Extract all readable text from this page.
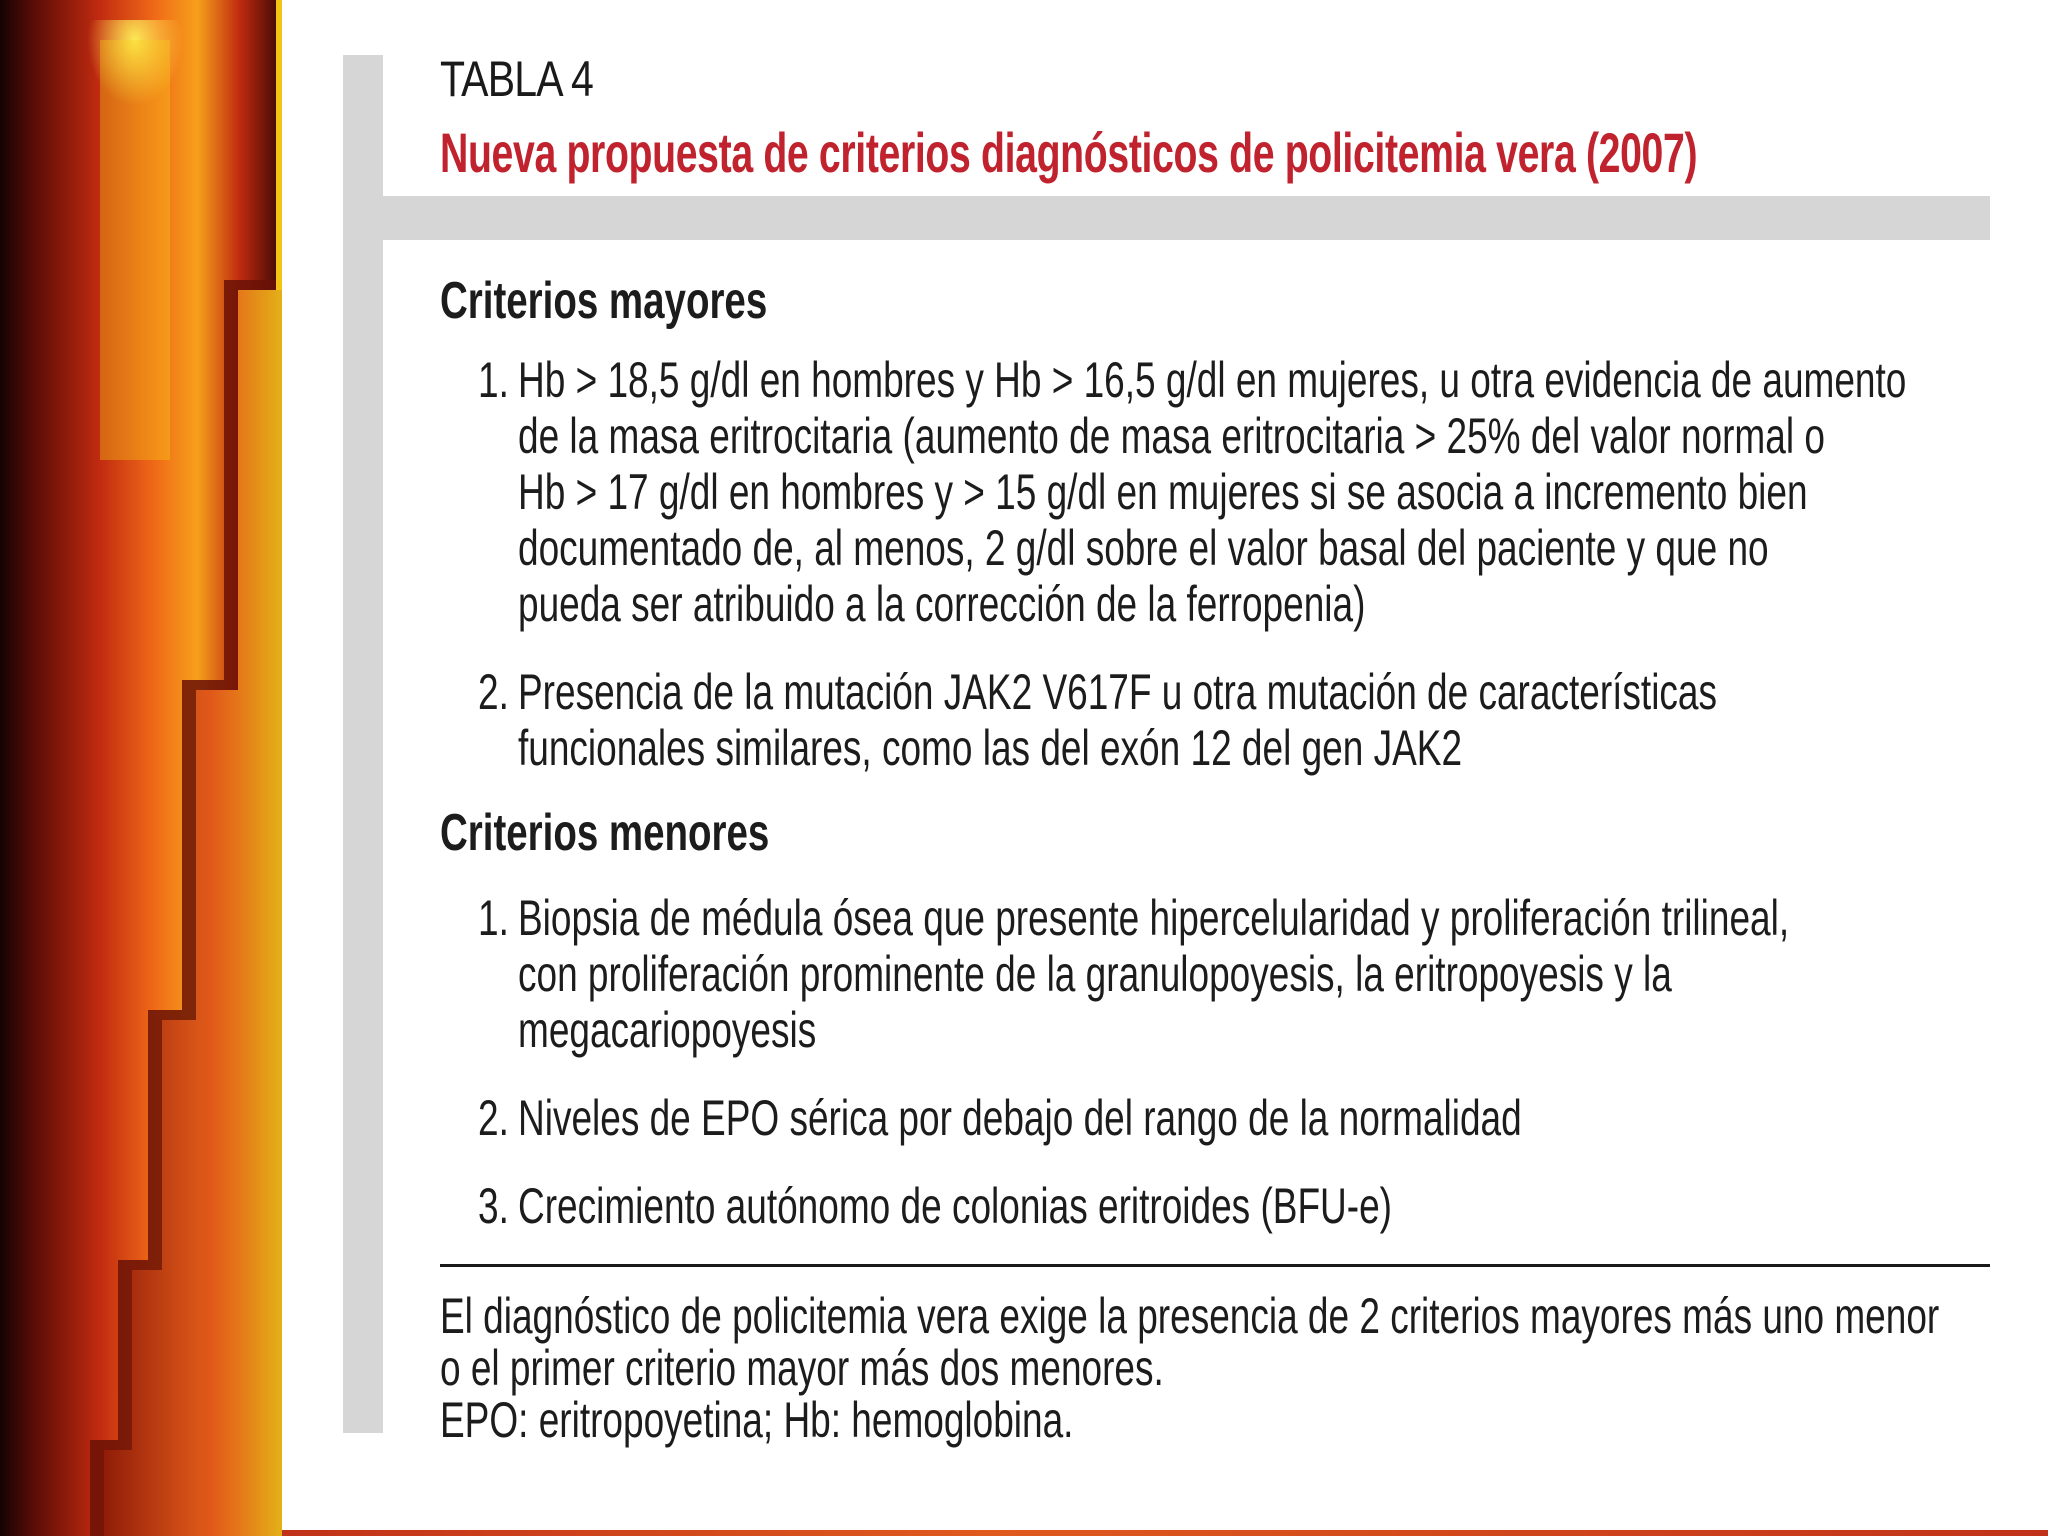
TABLA 4
Nueva propuesta de criterios diagnósticos de policitemia vera (2007)
Criterios mayores
1. Hb > 18,5 g/dl en hombres y Hb > 16,5 g/dl en mujeres, u otra evidencia de aumento
de la masa eritrocitaria (aumento de masa eritrocitaria > 25% del valor normal o
Hb > 17 g/dl en hombres y > 15 g/dl en mujeres si se asocia a incremento bien
documentado de, al menos, 2 g/dl sobre el valor basal del paciente y que no
pueda ser atribuido a la corrección de la ferropenia)
2. Presencia de la mutación JAK2 V617F u otra mutación de características
funcionales similares, como las del exón 12 del gen JAK2
Criterios menores
1. Biopsia de médula ósea que presente hipercelularidad y proliferación trilineal,
con proliferación prominente de la granulopoyesis, la eritropoyesis y la
megacariopoyesis
2. Niveles de EPO sérica por debajo del rango de la normalidad
3. Crecimiento autónomo de colonias eritroides (BFU-e)
El diagnóstico de policitemia vera exige la presencia de 2 criterios mayores más uno menor
o el primer criterio mayor más dos menores.
EPO: eritropoyetina; Hb: hemoglobina.
